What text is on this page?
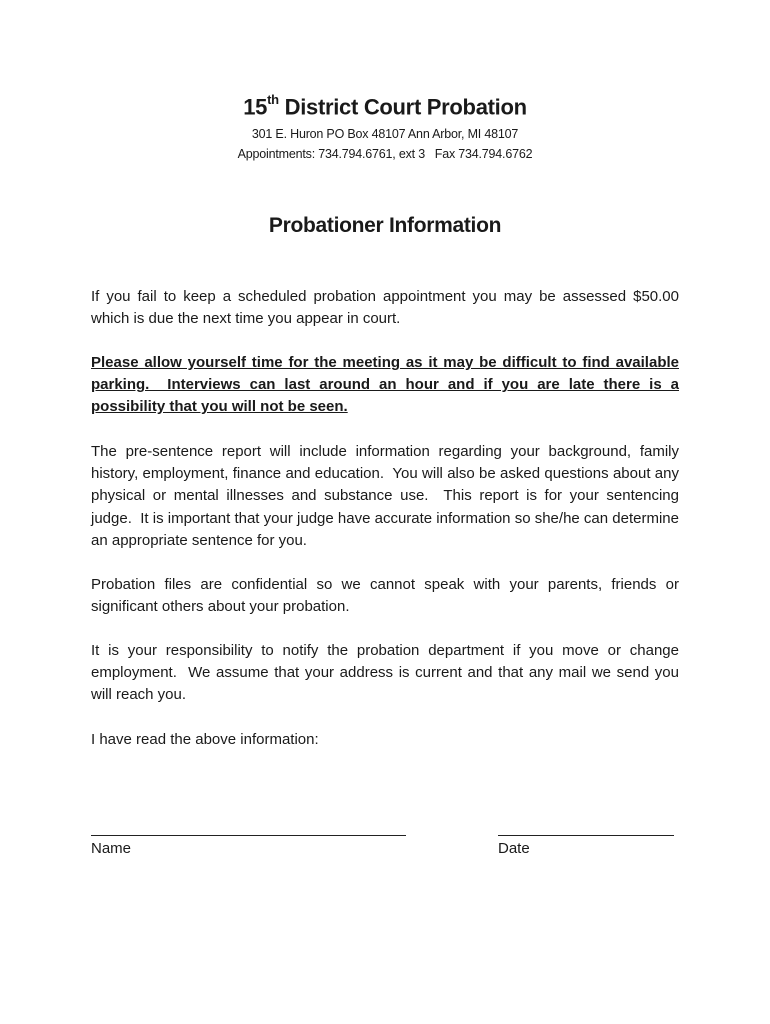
15th District Court Probation
301 E. Huron PO Box 48107 Ann Arbor, MI 48107
Appointments: 734.794.6761, ext 3   Fax 734.794.6762
Probationer Information

If you fail to keep a scheduled probation appointment you may be assessed $50.00 which is due the next time you appear in court.

Please allow yourself time for the meeting as it may be difficult to find available parking.  Interviews can last around an hour and if you are late there is a possibility that you will not be seen.

The pre-sentence report will include information regarding your background, family history, employment, finance and education.  You will also be asked questions about any physical or mental illnesses and substance use.  This report is for your sentencing judge.  It is important that your judge have accurate information so she/he can determine an appropriate sentence for you.

Probation files are confidential so we cannot speak with your parents, friends or significant others about your probation.

It is your responsibility to notify the probation department if you move or change employment.  We assume that your address is current and that any mail we send you will reach you.

I have read the above information:

Name	Date
